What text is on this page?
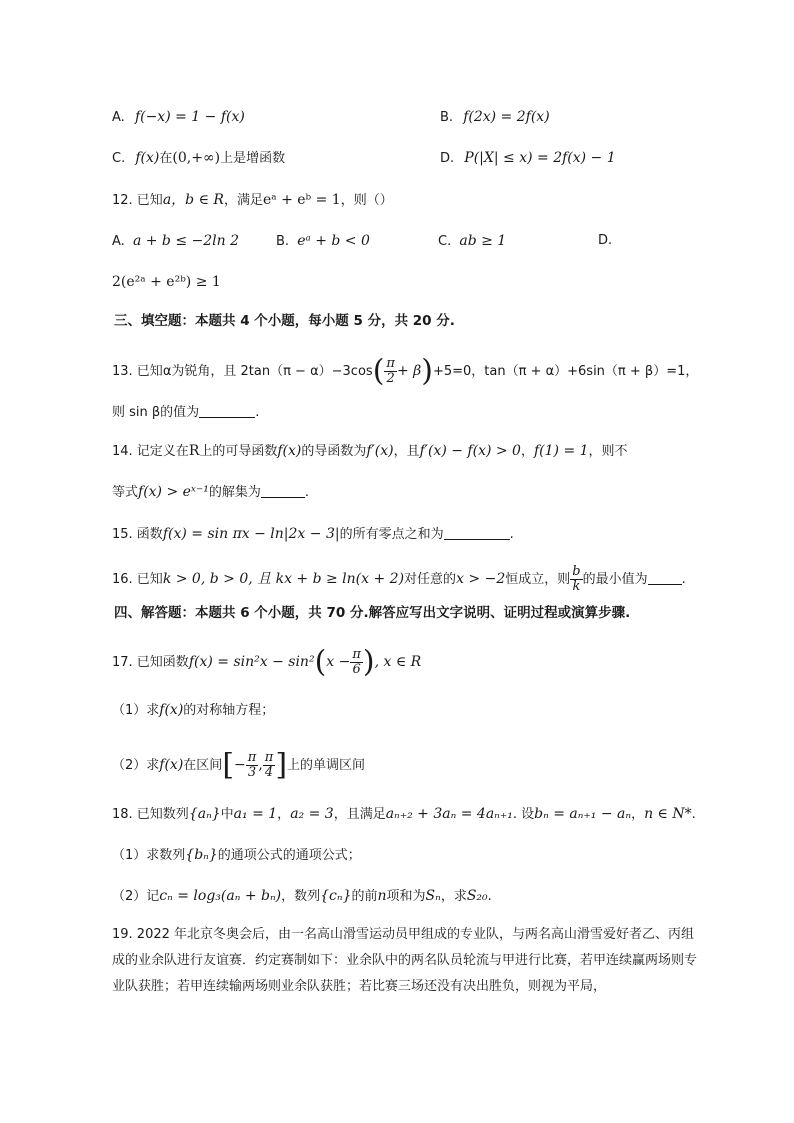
A. f(−x) = 1 − f(x)	B. f(2x) = 2f(x)
C. f(x)在(0,+∞)上是增函数	D. P(|X| ≤ x) = 2f(x) − 1
12. 已知a，b ∈ R，满足eᵃ + eᵇ = 1，则（）
A. a + b ≤ −2ln 2	B. eᵃ + b < 0	C. ab ≥ 1	D.
2(e²ᵃ + e²ᵇ) ≥ 1
三、填空题：本题共 4 个小题，每小题 5 分，共 20 分.
13. 已知α为锐角，且 $2\tan(\pi - \alpha)-3\cos( \frac{\pi}{2} + \beta)+5=0$，tan（π + α）+6sin（π + β）=1，
则 sin β的值为	.
14. 记定义在R上的可导函数f(x)的导函数为f′(x)，且f′(x) − f(x) > 0，f(1) = 1，则不
等式f(x) > eˣ⁻¹的解集为	.
15. 函数f(x) = sin πx − ln|2x − 3|的所有零点之和为	.
16. 已知k > 0, b > 0, 且 kx + b ≥ ln(x + 2)对任意的x > −2恒成立，则 $\frac{b}{k}$ 的最小值为	.
四、解答题：本题共 6 个小题，共 70 分.解答应写出文字说明、证明过程或演算步骤.
17. 已知函数$f(x) = \sin^2x - \sin^2(x - \frac{\pi}{6}$ ), x ∈ R
（1）求f(x)的对称轴方程；
（2）求f(x)在区间[− $\frac{\pi}{3}$ , $\frac{\pi}{4}$ ]上的单调区间
18. 已知数列{aₙ}中a₁ = 1，a₂ = 3，且满足aₙ₊₂ + 3aₙ = 4aₙ₊₁. 设bₙ = aₙ₊₁ − aₙ，n ∈ N*.
（1）求数列{bₙ}的通项公式的通项公式；
（2）记cₙ = log₃(aₙ + bₙ)，数列{cₙ}的前n项和为Sₙ，求S₂₀.
19. 2022 年北京冬奥会后，由一名高山滑雪运动员甲组成的专业队，与两名高山滑雪爱好者乙、丙组成的业余队进行友谊赛．约定赛制如下：业余队中的两名队员轮流与甲进行比赛，若甲连续赢两场则专业队获胜；若甲连续输两场则业余队获胜；若比赛三场还没有决出胜负，则视为平局，
